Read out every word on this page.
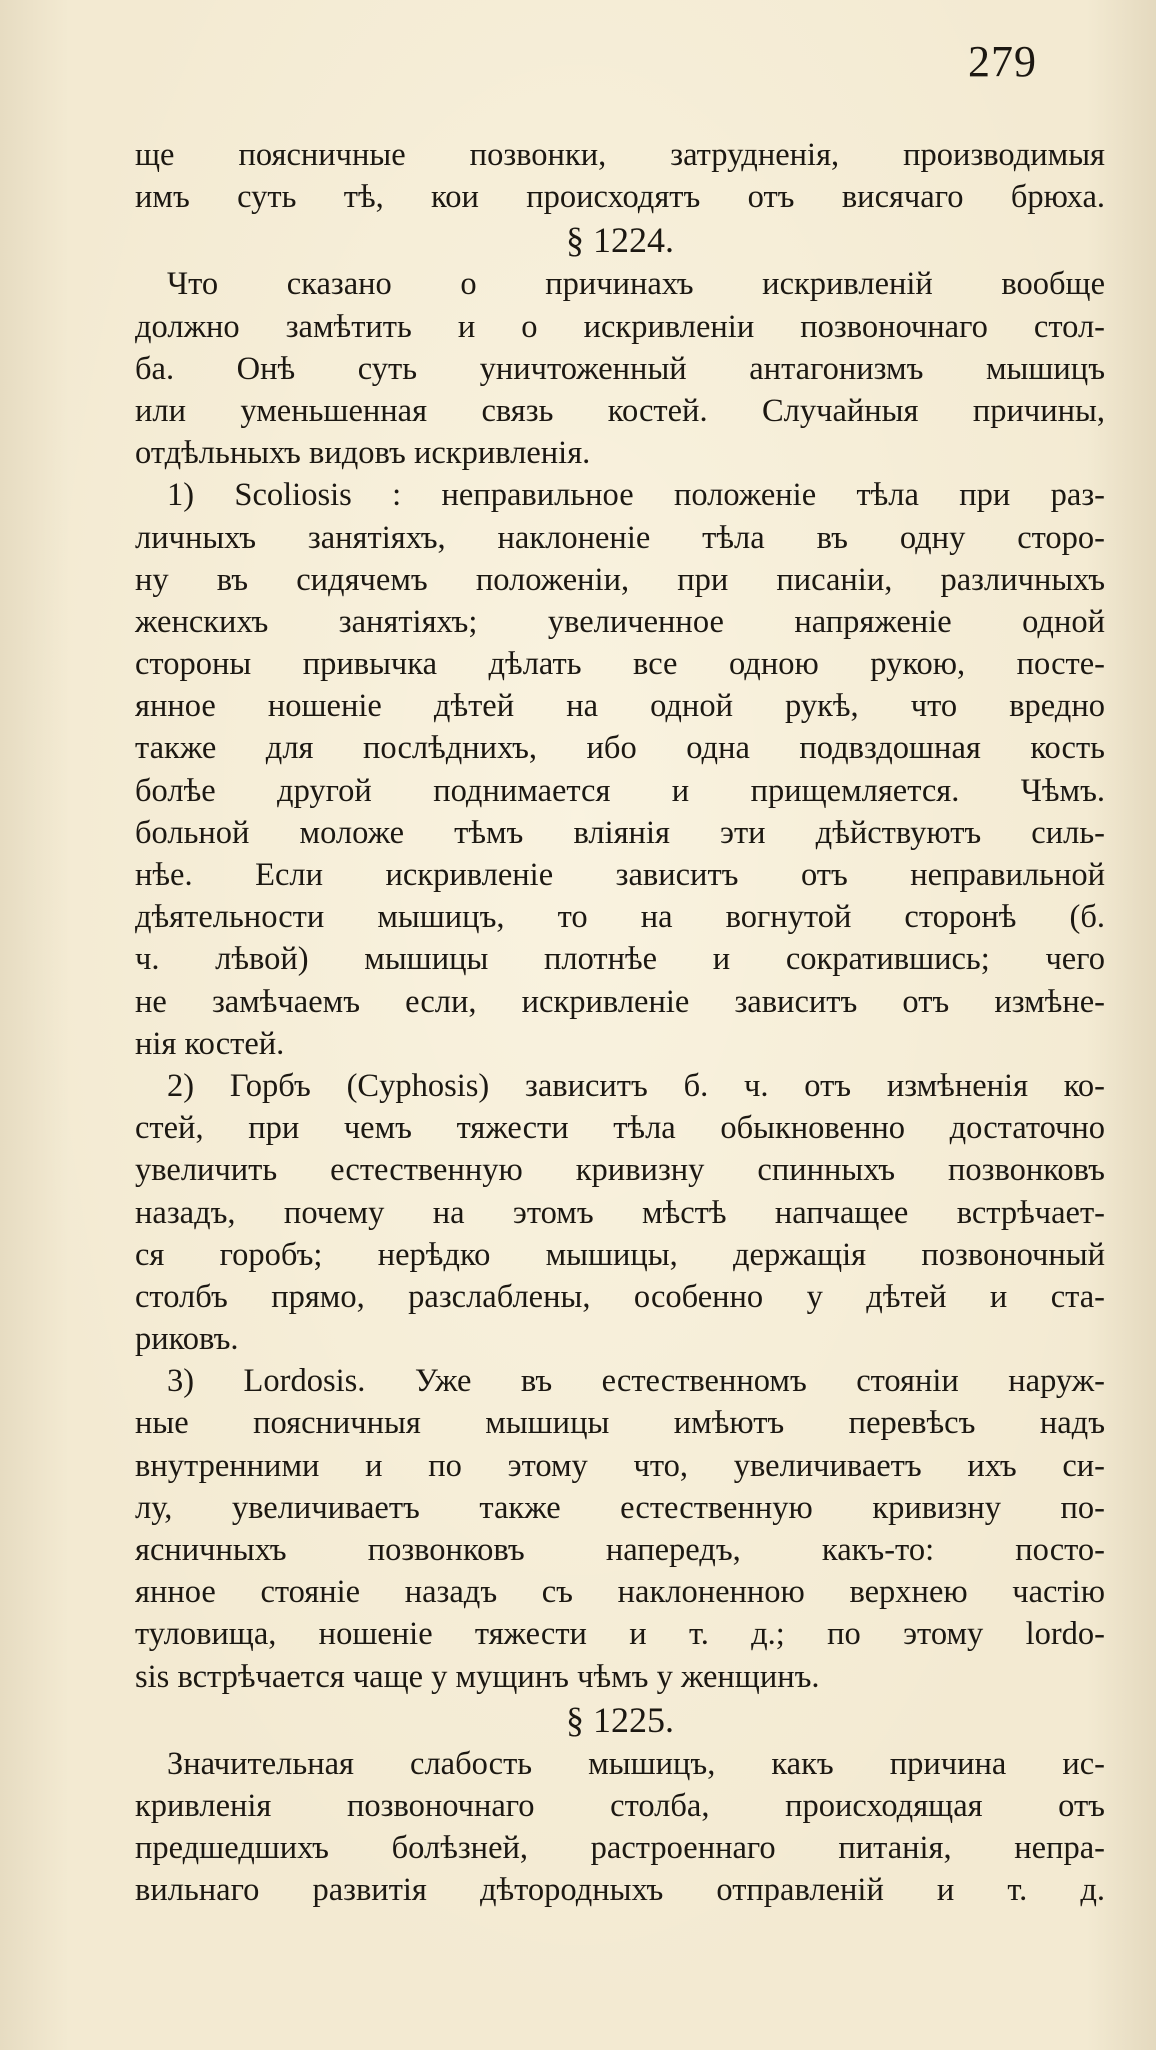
279
ще поясничные позвонки, затрудненія, производимыя
имъ суть тѣ, кои происходятъ отъ висячаго брюха.
§ 1224.
Что сказано о причинахъ искривленій вообще
должно замѣтить и о искривленіи позвоночнаго стол-
ба. Онѣ суть уничтоженный антагонизмъ мышицъ
или уменьшенная связь костей. Случайныя причины,
отдѣльныхъ видовъ искривленія.
1) Scoliosis : неправильное положеніе тѣла при раз-
личныхъ занятіяхъ, наклоненіе тѣла въ одну сторо-
ну въ сидячемъ положеніи, при писаніи, различныхъ
женскихъ занятіяхъ; увеличенное напряженіе одной
стороны привычка дѣлать все одною рукою, посте-
янное ношеніе дѣтей на одной рукѣ, что вредно
также для послѣднихъ, ибо одна подвздошная кость
болѣе другой поднимается и прищемляется. Чѣмъ.
больной моложе тѣмъ вліянія эти дѣйствуютъ силь-
нѣе. Если искривленіе зависитъ отъ неправильной
дѣятельности мышицъ, то на вогнутой сторонѣ (б.
ч. лѣвой) мышицы плотнѣе и сократившись; чего
не замѣчаемъ если, искривленіе зависитъ отъ измѣне-
нія костей.
2) Горбъ (Cyphosis) зависитъ б. ч. отъ измѣненія ко-
стей, при чемъ тяжести тѣла обыкновенно достаточно
увеличить естественную кривизну спинныхъ позвонковъ
назадъ, почему на этомъ мѣстѣ напчащее встрѣчает-
ся горобъ; нерѣдко мышицы, держащія позвоночный
столбъ прямо, разслаблены, особенно у дѣтей и ста-
риковъ.
3) Lordosis. Уже въ естественномъ стояніи наруж-
ные поясничныя мышицы имѣютъ перевѣсъ надъ
внутренними и по этому что, увеличиваетъ ихъ си-
лу, увеличиваетъ также естественную кривизну по-
ясничныхъ позвонковъ напередъ, какъ-то: посто-
янное стояніе назадъ съ наклоненною верхнею частію
туловища, ношеніе тяжести и т. д.; по этому lordo-
sis встрѣчается чаще у мущинъ чѣмъ у женщинъ.
§ 1225.
Значительная слабость мышицъ, какъ причина ис-
кривленія позвоночнаго столба, происходящая отъ
предшедшихъ болѣзней, растроеннаго питанія, непра-
вильнаго развитія дѣтородныхъ отправленій и т. д.
